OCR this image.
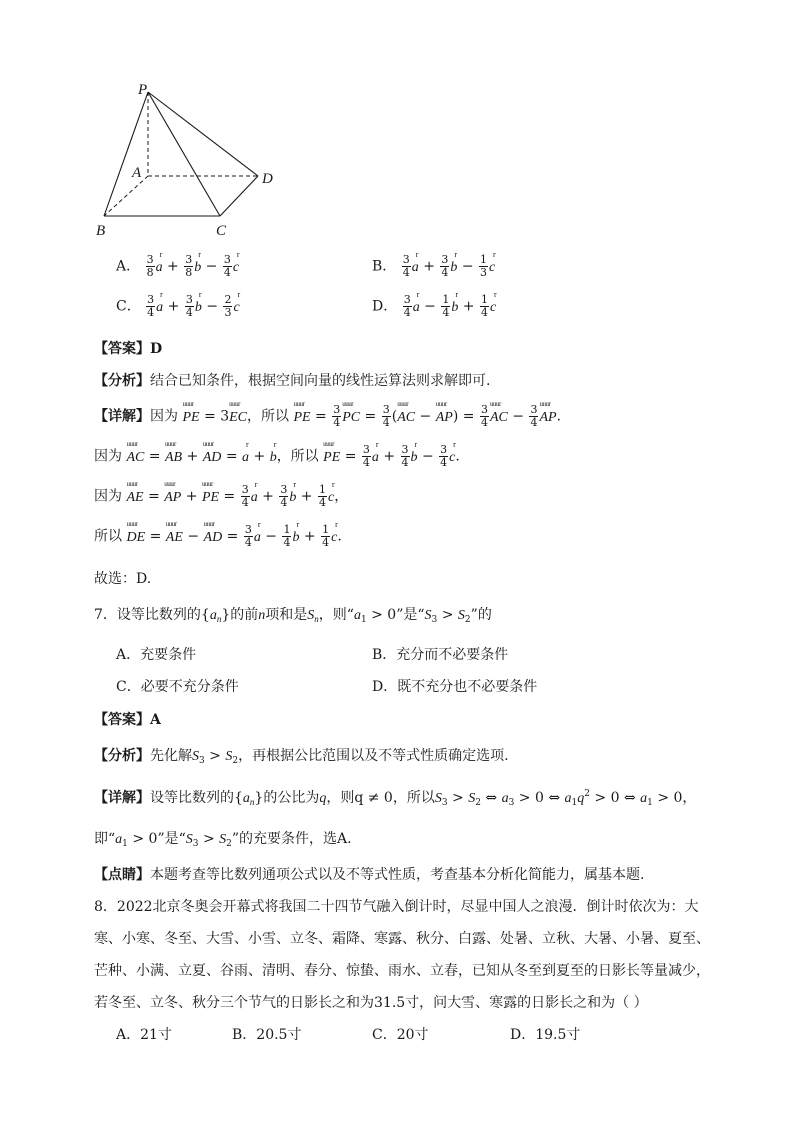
P
A
B	C
D
A． $\frac{3}{8}$ r $a + \frac{3}{8}$ r $b - \frac{3}{4}$ r c	B． $\frac{3}{4}$ r $a + \frac{3}{4}$ r $b - \frac{1}{3}$ r c
C． $\frac{3}{4}$ r $a + \frac{3}{4}$ r $b - \frac{2}{3}$ r c	D． $\frac{3}{4}$ r $a - \frac{1}{4}$ r $b + \frac{1}{4}$ r c
【答案】D
【分析】结合已知条件，根据空间向量的线性运算法则求解即可.
【详解】因为 uuur PE = 3uuur EC，所以 uuur PE = $\frac{3}{4}$ uuur PC = $\frac{3}{4}$ (uuur AC − uuur $AP) = \frac{3}{4}$ uuur AC − $\frac{3}{4}$ uuur AP.
因为 uuur AC = uuur AB + uuur AD = r a + r b，所以 uuur PE = $\frac{3}{4}$ r $a + \frac{3}{4}$ r $b - \frac{3}{4}$ r c.
因为 uuur AE = uuur AP + uuur PE = $\frac{3}{4}$ r $a + \frac{3}{4}$ r $b + \frac{1}{4}$ r c，
所以 uuur DE = uuur AE − uuur AD = $\frac{3}{4}$ r $a - \frac{1}{4}$ r $b + \frac{1}{4}$ r c.
故选：D.
7．设等比数列的$\{a_n\}$的前n项和是$S_n$，则“$a_1 > 0$”是“$S_3 > S_2$”的
A．充要条件	B．充分而不必要条件
C．必要不充分条件	D．既不充分也不必要条件
【答案】A
【分析】先化解$S_3 > S_2$，再根据公比范围以及不等式性质确定选项.
【详解】设等比数列的$\{a_n\}$的公比为q，则q ≠ 0，所以$S_3 > S_2$ ⇔ $a_3 > 0$ ⇔ $a_1q^2 > 0$ ⇔ $a_1 > 0$，
即“$a_1 > 0$”是“$S_3 > S_2$”的充要条件，选A.
【点睛】本题考查等比数列通项公式以及不等式性质，考查基本分析化简能力，属基本题.
8．2022北京冬奥会开幕式将我国二十四节气融入倒计时，尽显中国人之浪漫．倒计时依次为：大
寒、小寒、冬至、大雪、小雪、立冬、霜降、寒露、秋分、白露、处暑、立秋、大暑、小暑、夏至、
芒种、小满、立夏、谷雨、清明、春分、惊蛰、雨水、立春，已知从冬至到夏至的日影长等量减少，
若冬至、立冬、秋分三个节气的日影长之和为31.5寸，问大雪、寒露的日影长之和为（ ）
A．21寸	B．20.5寸	C．20寸	D．19.5寸
